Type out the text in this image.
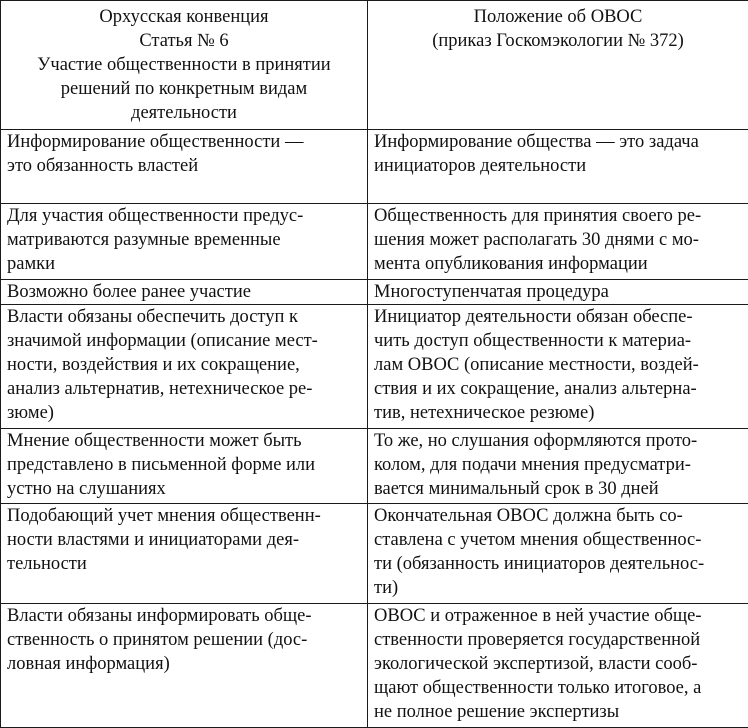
Орхусская конвенция
Статья № 6
Участие общественности в принятии
решений по конкретным видам
деятельности	Положение об ОВОС
(приказ Госкомэкологии № 372)

Информирование общественности —
это обязанность властей	Информирование общества — это задача
инициаторов деятельности

Для участия общественности предус-
матриваются разумные временные
рамки	Общественность для принятия своего ре-
шения может располагать 30 днями с мо-
мента опубликования информации

Возможно более ранее участие	Многоступенчатая процедура

Власти обязаны обеспечить доступ к
значимой информации (описание мест-
ности, воздействия и их сокращение,
анализ альтернатив, нетехническое ре-
зюме)	Инициатор деятельности обязан обеспе-
чить доступ общественности к материа-
лам ОВОС (описание местности, воздей-
ствия и их сокращение, анализ альтерна-
тив, нетехническое резюме)

Мнение общественности может быть
представлено в письменной форме или
устно на слушаниях	То же, но слушания оформляются прото-
колом, для подачи мнения предусматри-
вается минимальный срок в 30 дней

Подобающий учет мнения общественн-
ности властями и инициаторами дея-
тельности	Окончательная ОВОС должна быть со-
ставлена с учетом мнения общественнос-
ти (обязанность инициаторов деятельнос-
ти)

Власти обязаны информировать обще-
ственность о принятом решении (дос-
ловная информация)	ОВОС и отраженное в ней участие обще-
ственности проверяется государственной
экологической экспертизой, власти сооб-
щают общественности только итоговое, а
не полное решение экспертизы
